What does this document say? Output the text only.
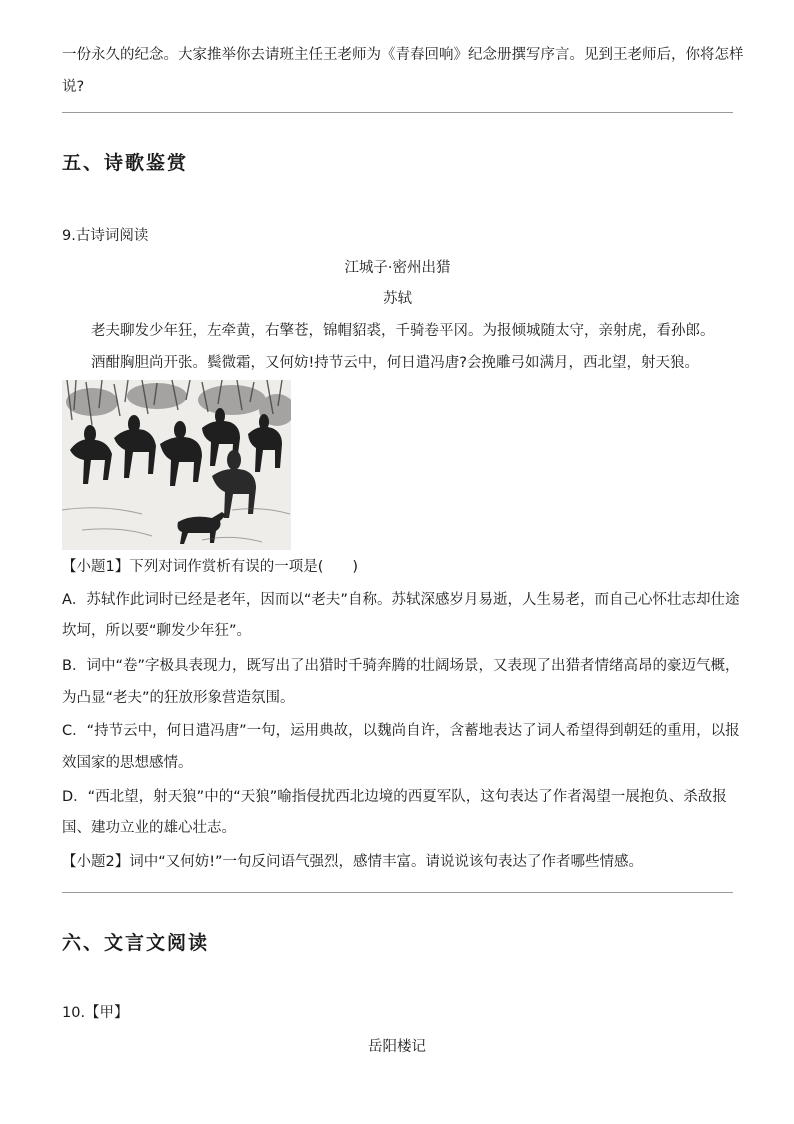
一份永久的纪念。大家推举你去请班主任王老师为《青春回响》纪念册撰写序言。见到王老师后，你将怎样
说?
五、诗歌鉴赏
9.古诗词阅读
江城子·密州出猎
苏轼
老夫聊发少年狂，左牵黄，右擎苍，锦帽貂裘，千骑卷平冈。为报倾城随太守，亲射虎，看孙郎。
酒酣胸胆尚开张。鬓微霜，又何妨!持节云中，何日遣冯唐?会挽雕弓如满月，西北望，射天狼。
【小题1】下列对词作赏析有误的一项是(　　)
A．苏轼作此词时已经是老年，因而以“老夫”自称。苏轼深感岁月易逝，人生易老，而自己心怀壮志却仕途
坎坷，所以要“聊发少年狂”。
B．词中“卷”字极具表现力，既写出了出猎时千骑奔腾的壮阔场景，又表现了出猎者情绪高昂的豪迈气概，
为凸显“老夫”的狂放形象营造氛围。
C．“持节云中，何日遣冯唐”一句，运用典故，以魏尚自许，含蓄地表达了词人希望得到朝廷的重用，以报
效国家的思想感情。
D．“西北望，射天狼”中的“天狼”喻指侵扰西北边境的西夏军队，这句表达了作者渴望一展抱负、杀敌报
国、建功立业的雄心壮志。
【小题2】词中“又何妨!”一句反问语气强烈，感情丰富。请说说该句表达了作者哪些情感。
六、文言文阅读
10.【甲】
岳阳楼记
